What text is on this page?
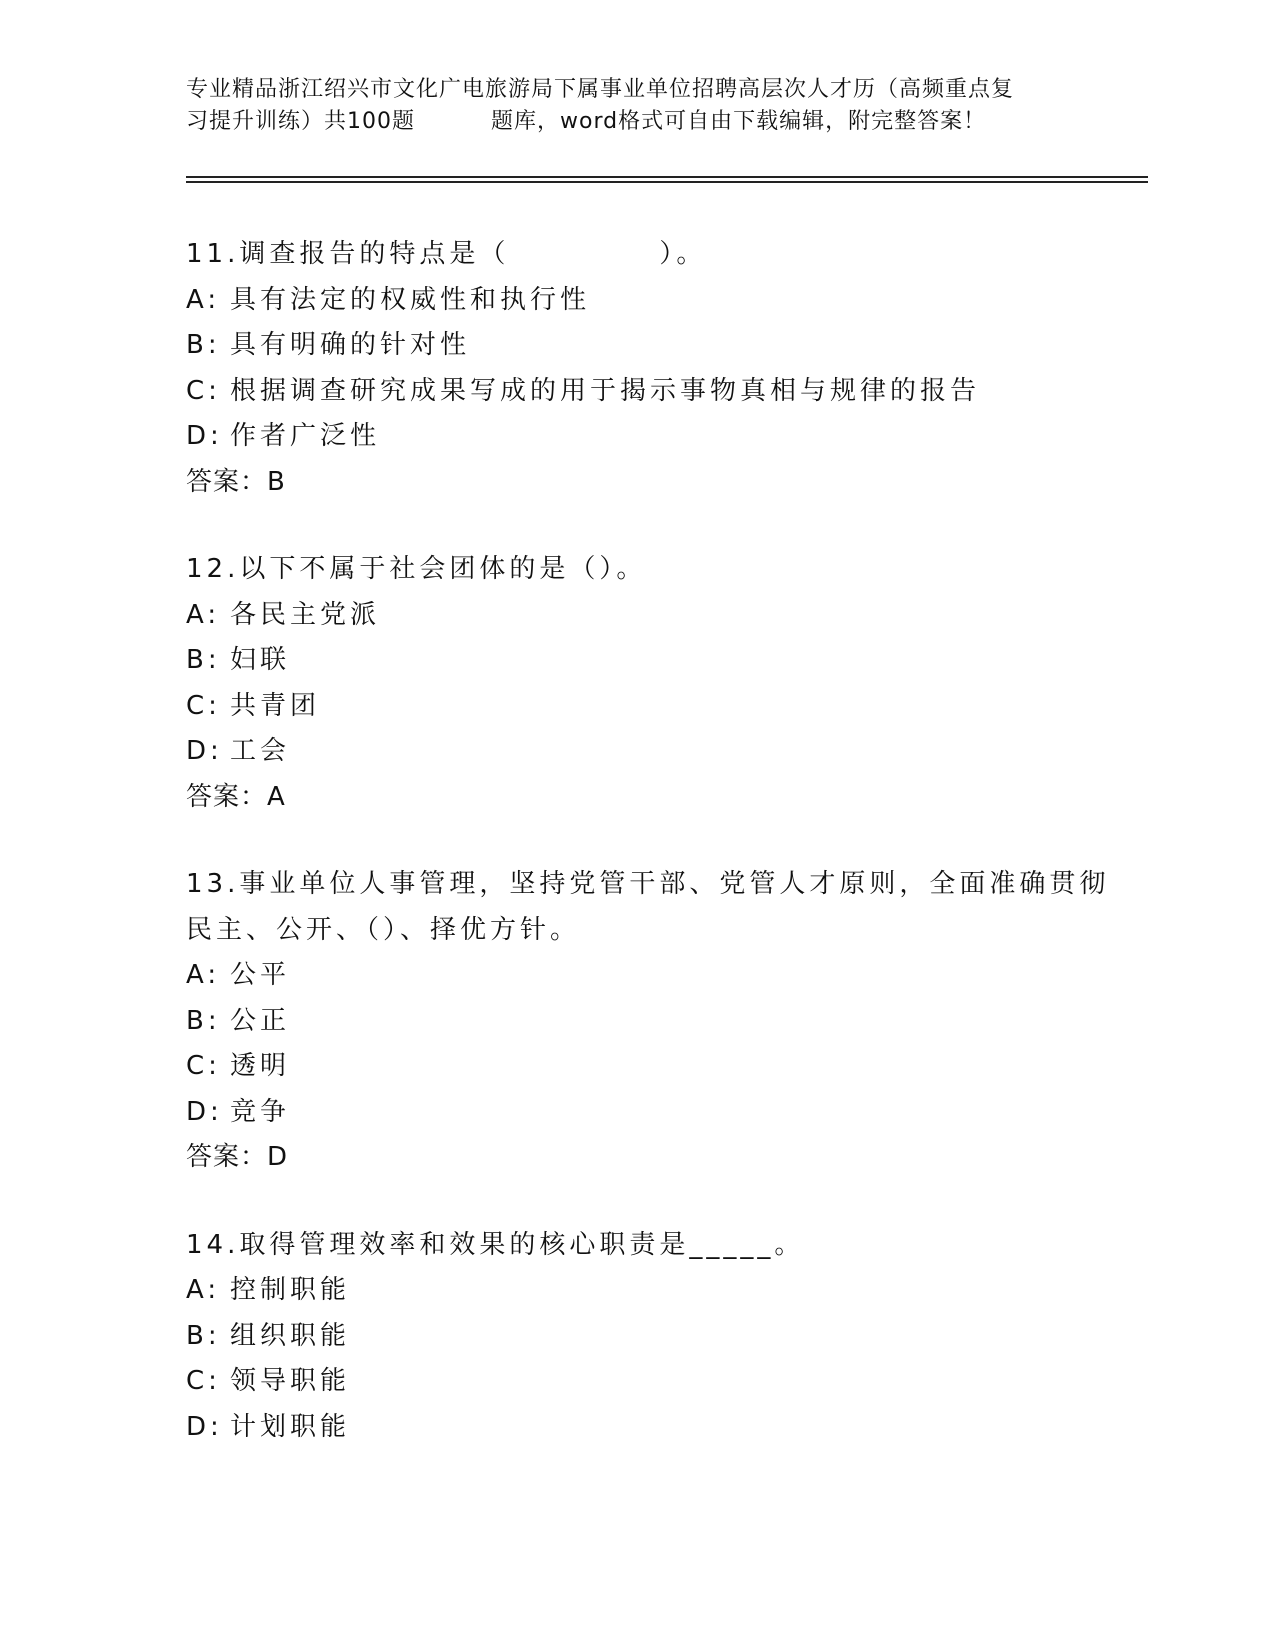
专业精品浙江绍兴市文化广电旅游局下属事业单位招聘高层次人才历（高频重点复
习提升训练）共100题	题库，word格式可自由下载编辑，附完整答案！
11.调查报告的特点是（　　　　　）。
A: 具有法定的权威性和执行性
B: 具有明确的针对性
C: 根据调查研究成果写成的用于揭示事物真相与规律的报告
D: 作者广泛性
答案：B
12.以下不属于社会团体的是（）。
A: 各民主党派
B: 妇联
C: 共青团
D: 工会
答案：A
13.事业单位人事管理，坚持党管干部、党管人才原则，全面准确贯彻
民主、公开、（）、择优方针。
A: 公平
B: 公正
C: 透明
D: 竞争
答案：D
14.取得管理效率和效果的核心职责是_____。
A: 控制职能
B: 组织职能
C: 领导职能
D: 计划职能
